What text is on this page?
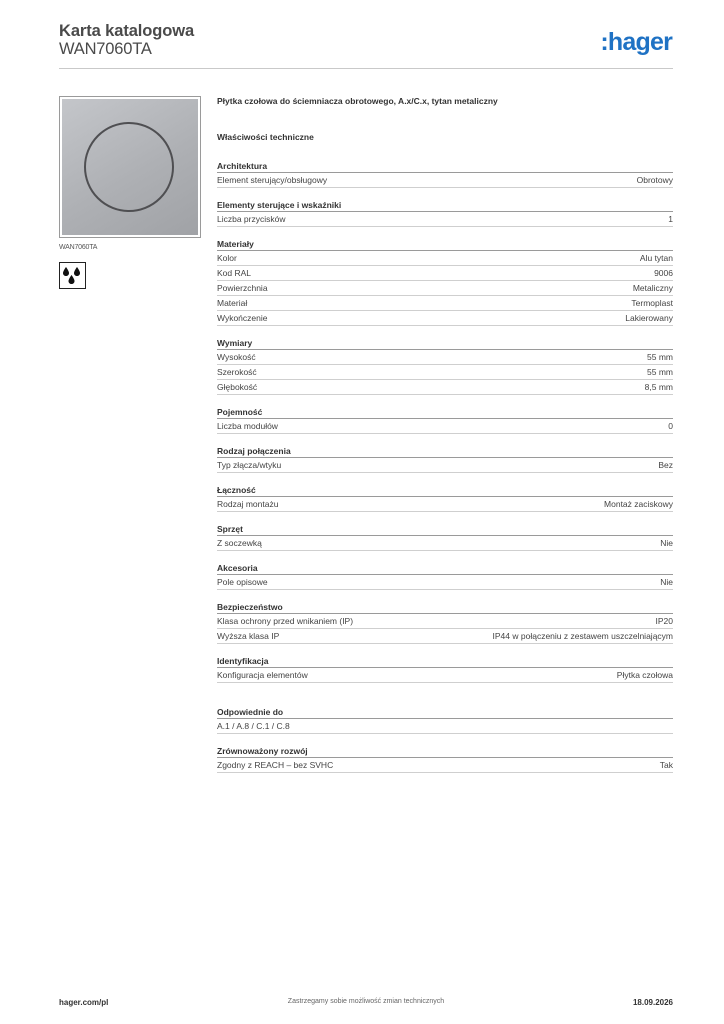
Karta katalogowa
WAN7060TA	:hager
WAN7060TA
Płytka czołowa do ściemniacza obrotowego, A.x/C.x, tytan metaliczny
Właściwości techniczne
Architektura
Element sterujący/obsługowy	Obrotowy
Elementy sterujące i wskaźniki
Liczba przycisków	1
Materiały
Kolor	Alu tytan
Kod RAL	9006
Powierzchnia	Metaliczny
Materiał	Termoplast
Wykończenie	Lakierowany
Wymiary
Wysokość	55 mm
Szerokość	55 mm
Głębokość	8,5 mm
Pojemność
Liczba modułów	0
Rodzaj połączenia
Typ złącza/wtyku	Bez
Łączność
Rodzaj montażu	Montaż zaciskowy
Sprzęt
Z soczewką	Nie
Akcesoria
Pole opisowe	Nie
Bezpieczeństwo
Klasa ochrony przed wnikaniem (IP)	IP20
Wyższa klasa IP	IP44 w połączeniu z zestawem uszczelniającym
Identyfikacja
Konfiguracja elementów	Płytka czołowa
Odpowiednie do
A.1 / A.8 / C.1 / C.8
Zrównoważony rozwój
Zgodny z REACH – bez SVHC	Tak
hager.com/pl	Zastrzegamy sobie możliwość zmian technicznych	18.09.2026
